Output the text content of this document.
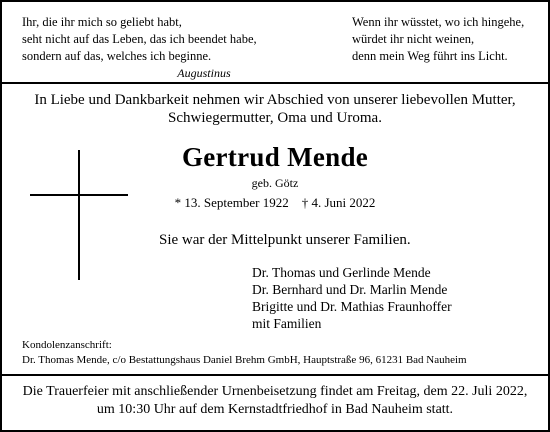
Ihr, die ihr mich so geliebt habt,
seht nicht auf das Leben, das ich beendet habe,
sondern auf das, welches ich beginne.
Augustinus
Wenn ihr wüsstet, wo ich hingehe,
würdet ihr nicht weinen,
denn mein Weg führt ins Licht.
In Liebe und Dankbarkeit nehmen wir Abschied von unserer liebevollen Mutter,
Schwiegermutter, Oma und Uroma.
Gertrud Mende
geb. Götz
* 13. September 1922    † 4. Juni 2022
Sie war der Mittelpunkt unserer Familien.
Dr. Thomas und Gerlinde Mende
Dr. Bernhard und Dr. Marlin Mende
Brigitte und Dr. Mathias Fraunhoffer
mit Familien
Kondolenzanschrift:
Dr. Thomas Mende, c/o Bestattungshaus Daniel Brehm GmbH, Hauptstraße 96, 61231 Bad Nauheim
Die Trauerfeier mit anschließender Urnenbeisetzung findet am Freitag, dem 22. Juli 2022,
um 10:30 Uhr auf dem Kernstadtfriedhof in Bad Nauheim statt.
